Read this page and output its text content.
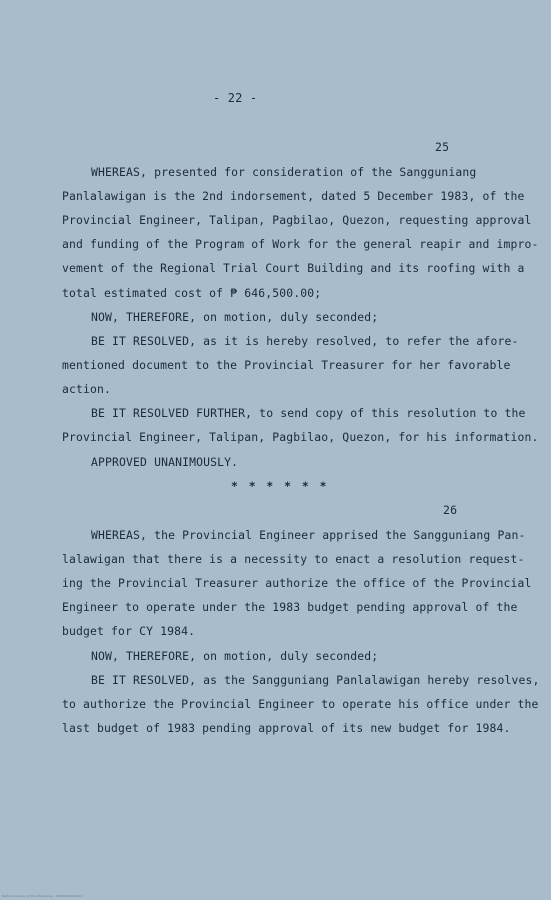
- 22 -
25
WHEREAS, presented for consideration of the Sangguniang
Panlalawigan is the 2nd indorsement, dated 5 December 1983, of the
Provincial Engineer, Talipan, Pagbilao, Quezon, requesting approval
and funding of the Program of Work for the general reapir and impro-
vement of the Regional Trial Court Building and its roofing with a
total estimated cost of ₱ 646,500.00;
NOW, THEREFORE, on motion, duly seconded;
BE IT RESOLVED, as it is hereby resolved, to refer the afore-
mentioned document to the Provincial Treasurer for her favorable
action.
BE IT RESOLVED FURTHER, to send copy of this resolution to the
Provincial Engineer, Talipan, Pagbilao, Quezon, for his information.
APPROVED UNANIMOUSLY.
* * * * * *
26
WHEREAS, the Provincial Engineer apprised the Sangguniang Pan-
lalawigan that there is a necessity to enact a resolution request-
ing the Provincial Treasurer authorize the office of the Provincial
Engineer to operate under the 1983 budget pending approval of the
budget for CY 1984.
NOW, THEREFORE, on motion, duly seconded;
BE IT RESOLVED, as the Sangguniang Panlalawigan hereby resolves,
to authorize the Provincial Engineer to operate his office under the
last budget of 1983 pending approval of its new budget for 1984.
National Library of the Philippines · 00000000000110
